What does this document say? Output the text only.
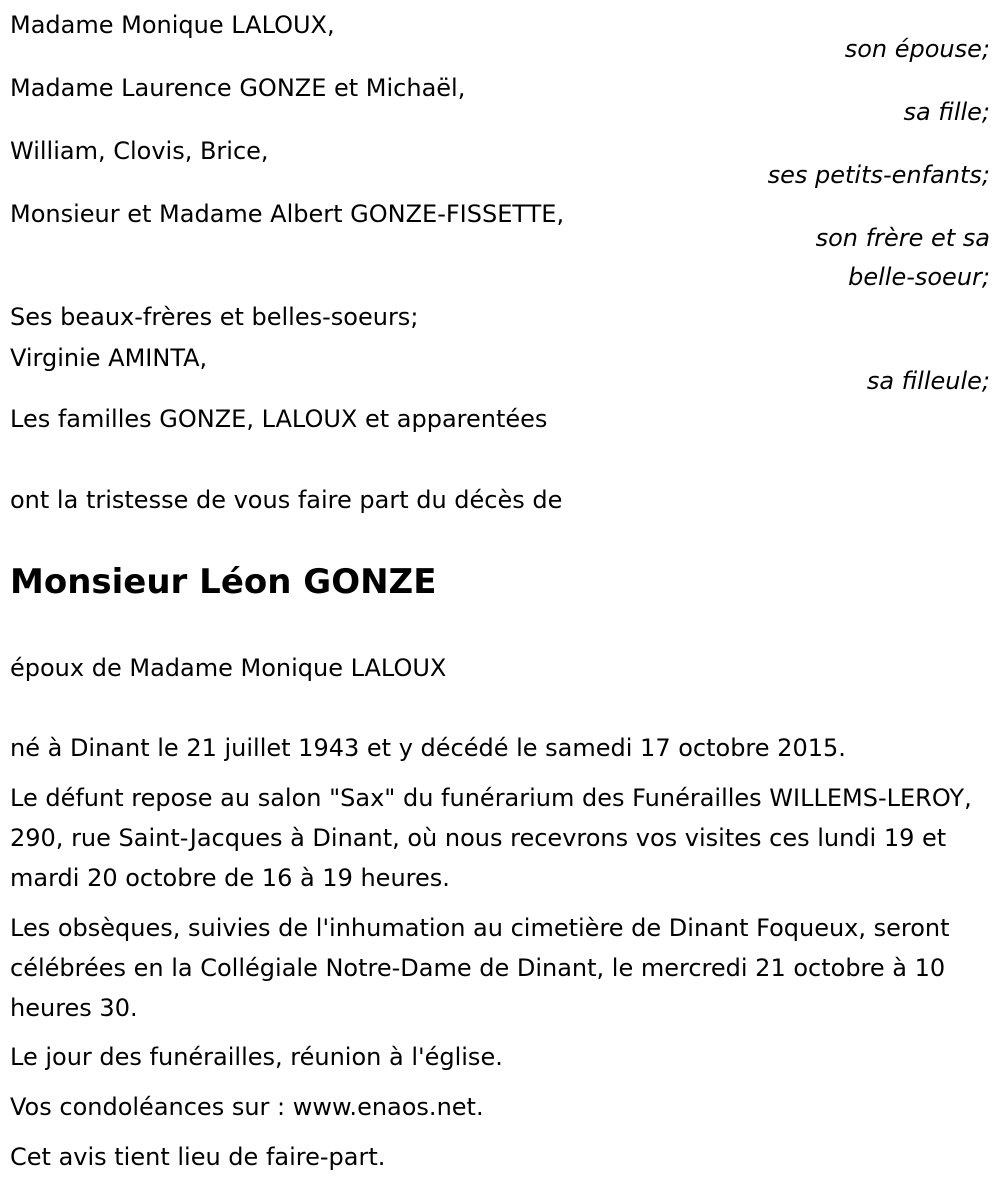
Madame Monique LALOUX,
son épouse;
Madame Laurence GONZE et Michaël,
sa fille;
William, Clovis, Brice,
ses petits-enfants;
Monsieur et Madame Albert GONZE-FISSETTE,
son frère et sa
belle-soeur;
Ses beaux-frères et belles-soeurs;
Virginie AMINTA,
sa filleule;
Les familles GONZE, LALOUX et apparentées
ont la tristesse de vous faire part du décès de
Monsieur Léon GONZE
époux de Madame Monique LALOUX
né à Dinant le 21 juillet 1943 et y décédé le samedi 17 octobre 2015.
Le défunt repose au salon "Sax" du funérarium des Funérailles WILLEMS-LEROY, 290, rue Saint-Jacques à Dinant, où nous recevrons vos visites ces lundi 19 et mardi 20 octobre de 16 à 19 heures.
Les obsèques, suivies de l'inhumation au cimetière de Dinant Foqueux, seront célébrées en la Collégiale Notre-Dame de Dinant, le mercredi 21 octobre à 10 heures 30.
Le jour des funérailles, réunion à l'église.
Vos condoléances sur : www.enaos.net.
Cet avis tient lieu de faire-part.
